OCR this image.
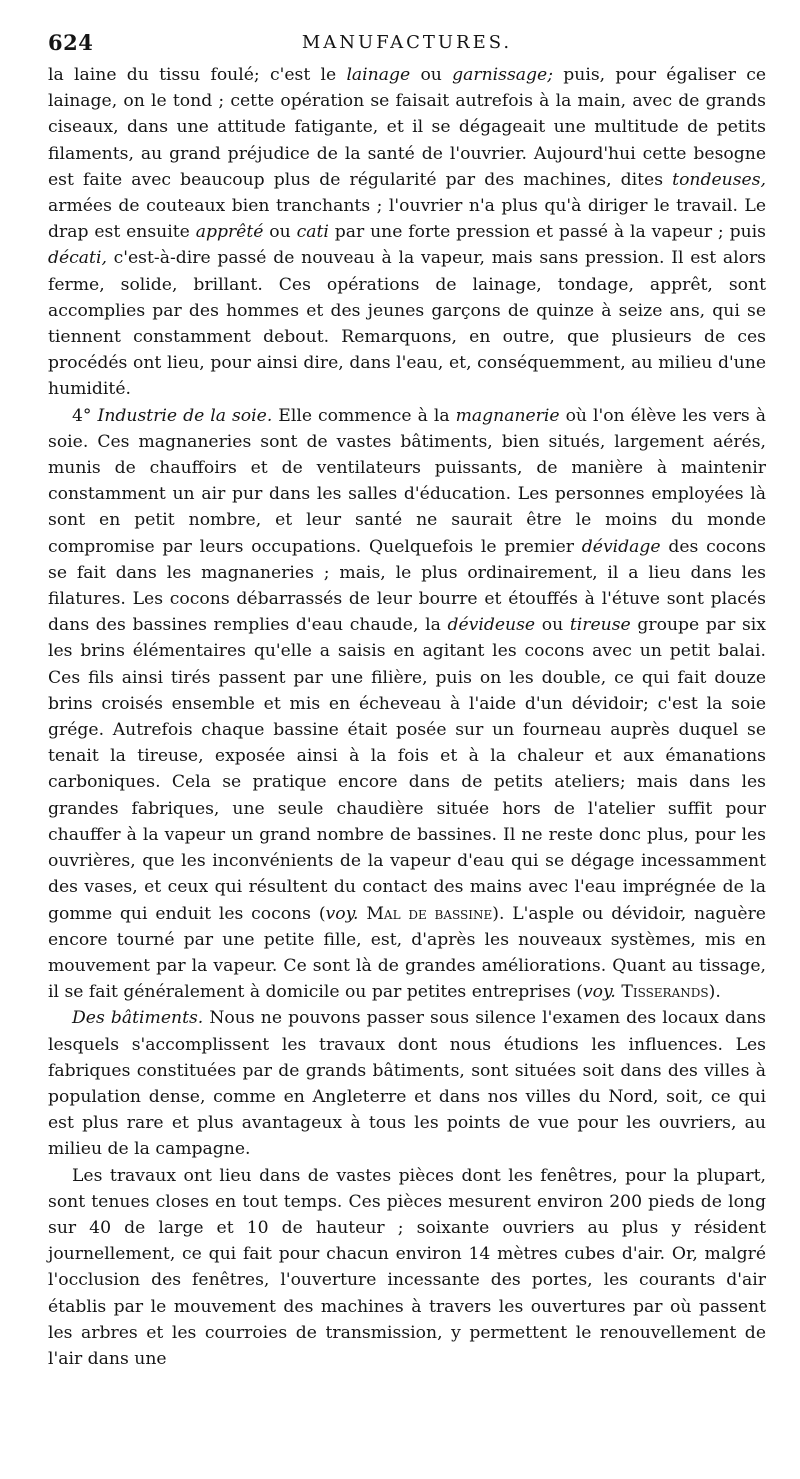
624	MANUFACTURES.

la laine du tissu foulé; c'est le lainage ou garnissage; puis, pour égaliser ce lainage, on le tond ; cette opération se faisait autrefois à la main, avec de grands ciseaux, dans une attitude fatigante, et il se dégageait une multitude de petits filaments, au grand préjudice de la santé de l'ouvrier. Aujourd'hui cette besogne est faite avec beaucoup plus de régularité par des machines, dites tondeuses, armées de couteaux bien tranchants ; l'ouvrier n'a plus qu'à diriger le travail. Le drap est ensuite apprêté ou cati par une forte pression et passé à la vapeur ; puis décati, c'est-à-dire passé de nouveau à la vapeur, mais sans pression. Il est alors ferme, solide, brillant. Ces opérations de lainage, tondage, apprêt, sont accomplies par des hommes et des jeunes garçons de quinze à seize ans, qui se tiennent constamment debout. Remarquons, en outre, que plusieurs de ces procédés ont lieu, pour ainsi dire, dans l'eau, et, conséquemment, au milieu d'une humidité.

4° Industrie de la soie. Elle commence à la magnanerie où l'on élève les vers à soie. Ces magnaneries sont de vastes bâtiments, bien situés, largement aérés, munis de chauffoirs et de ventilateurs puissants, de manière à maintenir constamment un air pur dans les salles d'éducation. Les personnes employées là sont en petit nombre, et leur santé ne saurait être le moins du monde compromise par leurs occupations. Quelquefois le premier dévidage des cocons se fait dans les magnaneries ; mais, le plus ordinairement, il a lieu dans les filatures. Les cocons débarrassés de leur bourre et étouffés à l'étuve sont placés dans des bassines remplies d'eau chaude, la dévideuse ou tireuse groupe par six les brins élémentaires qu'elle a saisis en agitant les cocons avec un petit balai. Ces fils ainsi tirés passent par une filière, puis on les double, ce qui fait douze brins croisés ensemble et mis en écheveau à l'aide d'un dévidoir; c'est la soie grége. Autrefois chaque bassine était posée sur un fourneau auprès duquel se tenait la tireuse, exposée ainsi à la fois et à la chaleur et aux émanations carboniques. Cela se pratique encore dans de petits ateliers; mais dans les grandes fabriques, une seule chaudière située hors de l'atelier suffit pour chauffer à la vapeur un grand nombre de bassines. Il ne reste donc plus, pour les ouvrières, que les inconvénients de la vapeur d'eau qui se dégage incessamment des vases, et ceux qui résultent du contact des mains avec l'eau imprégnée de la gomme qui enduit les cocons (voy. Mal de bassine). L'asple ou dévidoir, naguère encore tourné par une petite fille, est, d'après les nouveaux systèmes, mis en mouvement par la vapeur. Ce sont là de grandes améliorations. Quant au tissage, il se fait généralement à domicile ou par petites entreprises (voy. Tisserands).

Des bâtiments. Nous ne pouvons passer sous silence l'examen des locaux dans lesquels s'accomplissent les travaux dont nous étudions les influences. Les fabriques constituées par de grands bâtiments, sont situées soit dans des villes à population dense, comme en Angleterre et dans nos villes du Nord, soit, ce qui est plus rare et plus avantageux à tous les points de vue pour les ouvriers, au milieu de la campagne.

Les travaux ont lieu dans de vastes pièces dont les fenêtres, pour la plupart, sont tenues closes en tout temps. Ces pièces mesurent environ 200 pieds de long sur 40 de large et 10 de hauteur ; soixante ouvriers au plus y résident journellement, ce qui fait pour chacun environ 14 mètres cubes d'air. Or, malgré l'occlusion des fenêtres, l'ouverture incessante des portes, les courants d'air établis par le mouvement des machines à travers les ouvertures par où passent les arbres et les courroies de transmission, y permettent le renouvellement de l'air dans une
